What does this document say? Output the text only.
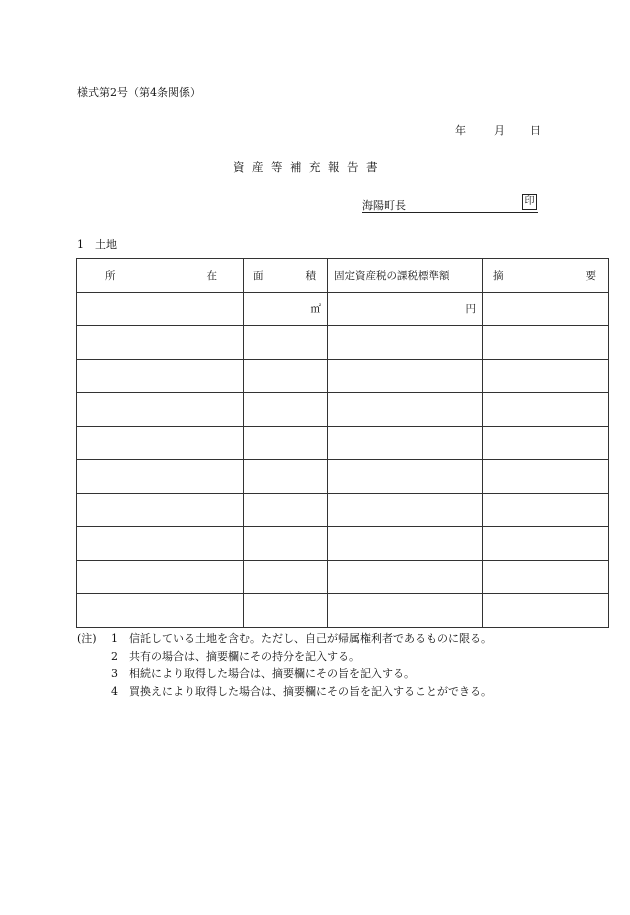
様式第2号（第4条関係）
年	月 日
資産等補充報告書
海陽町長	印
1　土地
所 在	面 積	固定資産税の課税標準額	摘 要

	㎡	円	

(注)	1	信託している土地を含む。ただし、自己が帰属権利者であるものに限る。
2	共有の場合は、摘要欄にその持分を記入する。
3	相続により取得した場合は、摘要欄にその旨を記入する。
4	買換えにより取得した場合は、摘要欄にその旨を記入することができる。
